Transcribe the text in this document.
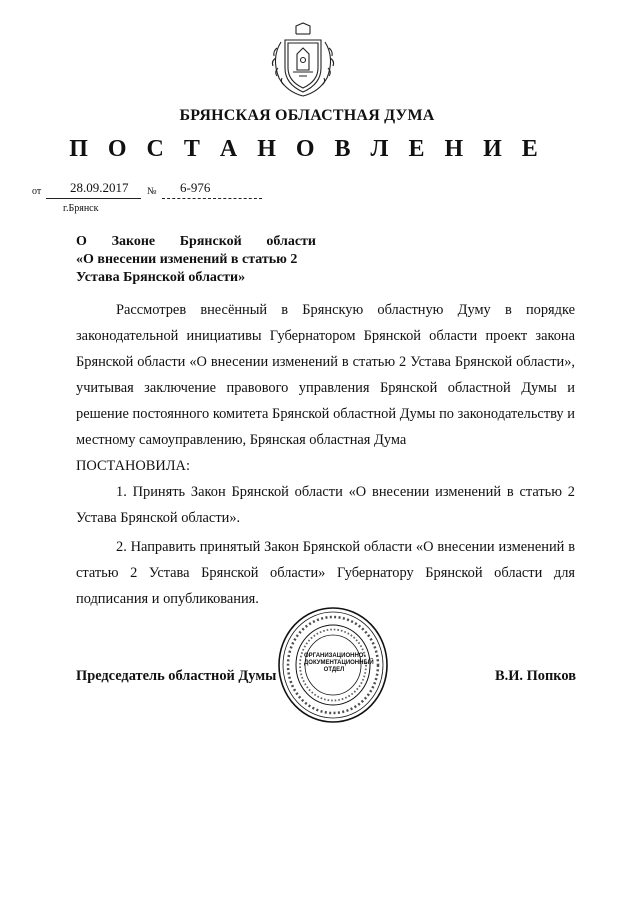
БРЯНСКАЯ ОБЛАСТНАЯ ДУМА
П О С Т А Н О В Л Е Н И Е
от 28.09.2017 № 6-976
г.Брянск
О Законе Брянской области
«О внесении изменений в статью 2
Устава Брянской области»

Рассмотрев внесённый в Брянскую областную Думу в порядке законодательной инициативы Губернатором Брянской области проект закона Брянской области «О внесении изменений в статью 2 Устава Брянской области», учитывая заключение правового управления Брянской областной Думы и решение постоянного комитета Брянской областной Думы по законодательству и местному самоуправлению, Брянская областная Дума

ПОСТАНОВИЛА:

1. Принять Закон Брянской области «О внесении изменений в статью 2 Устава Брянской области».

2. Направить принятый Закон Брянской области «О внесении изменений в статью 2 Устава Брянской области» Губернатору Брянской области для подписания и опубликования.

ОРГАНИЗАЦИОННО-
ДОКУМЕНТАЦИОННЫЙ
ОТДЕЛ
Председатель областной Думы	В.И. Попков
